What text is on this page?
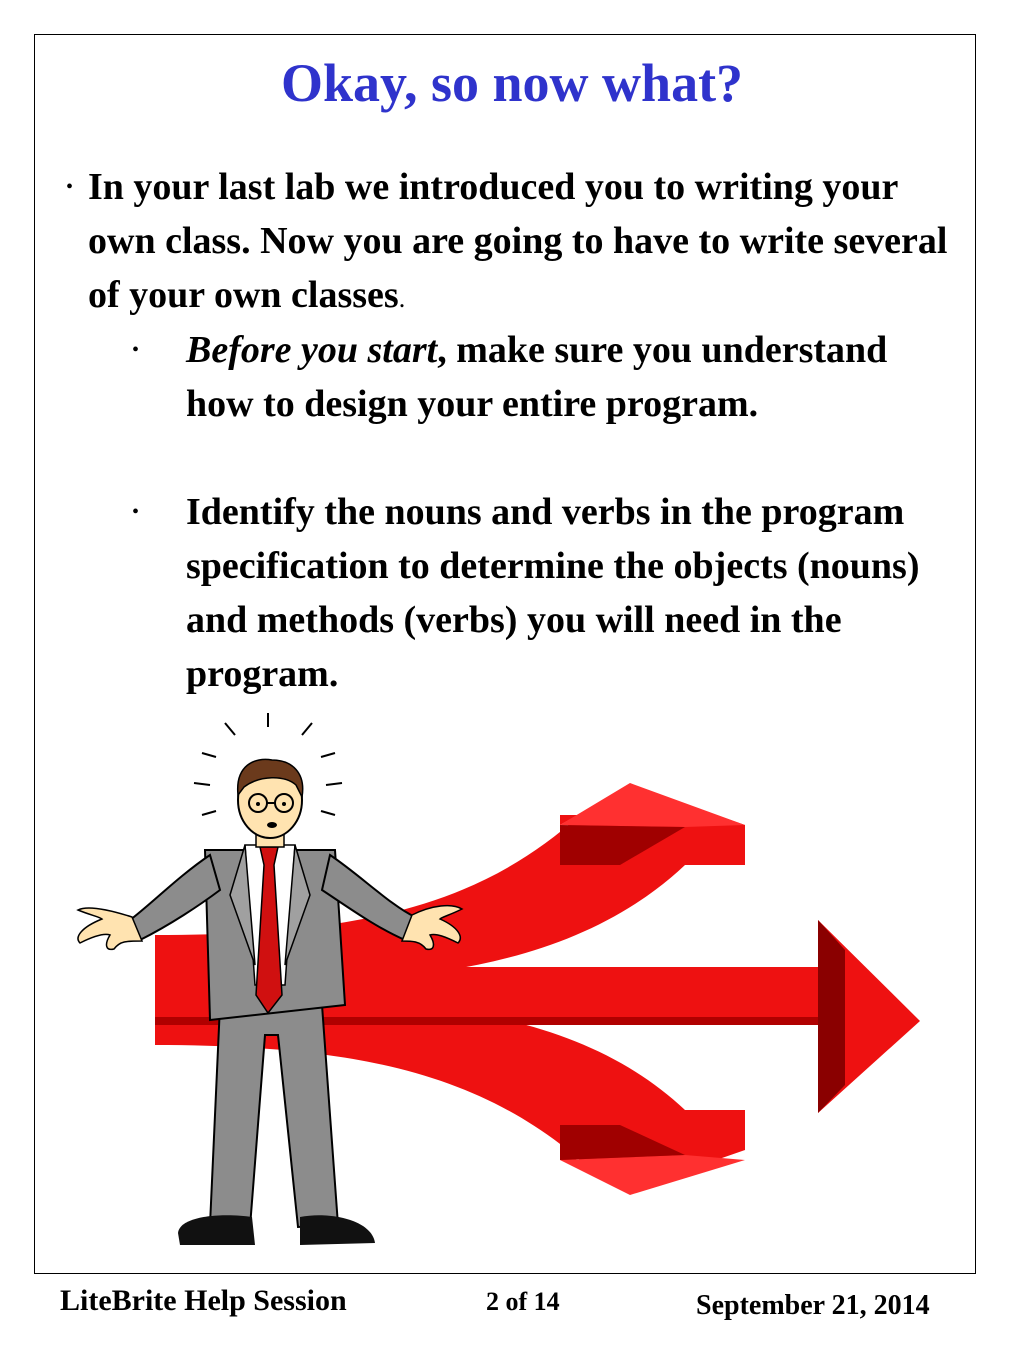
Okay, so now what?
• In your last lab we introduced you to writing your own class. Now you are going to have to write several of your own classes.
• Before you start, make sure you understand how to design your entire program.
• Identify the nouns and verbs in the program specification to determine the objects (nouns) and methods (verbs) you will need in the program.
LiteBrite Help Session	2 of 14	September 21, 2014
